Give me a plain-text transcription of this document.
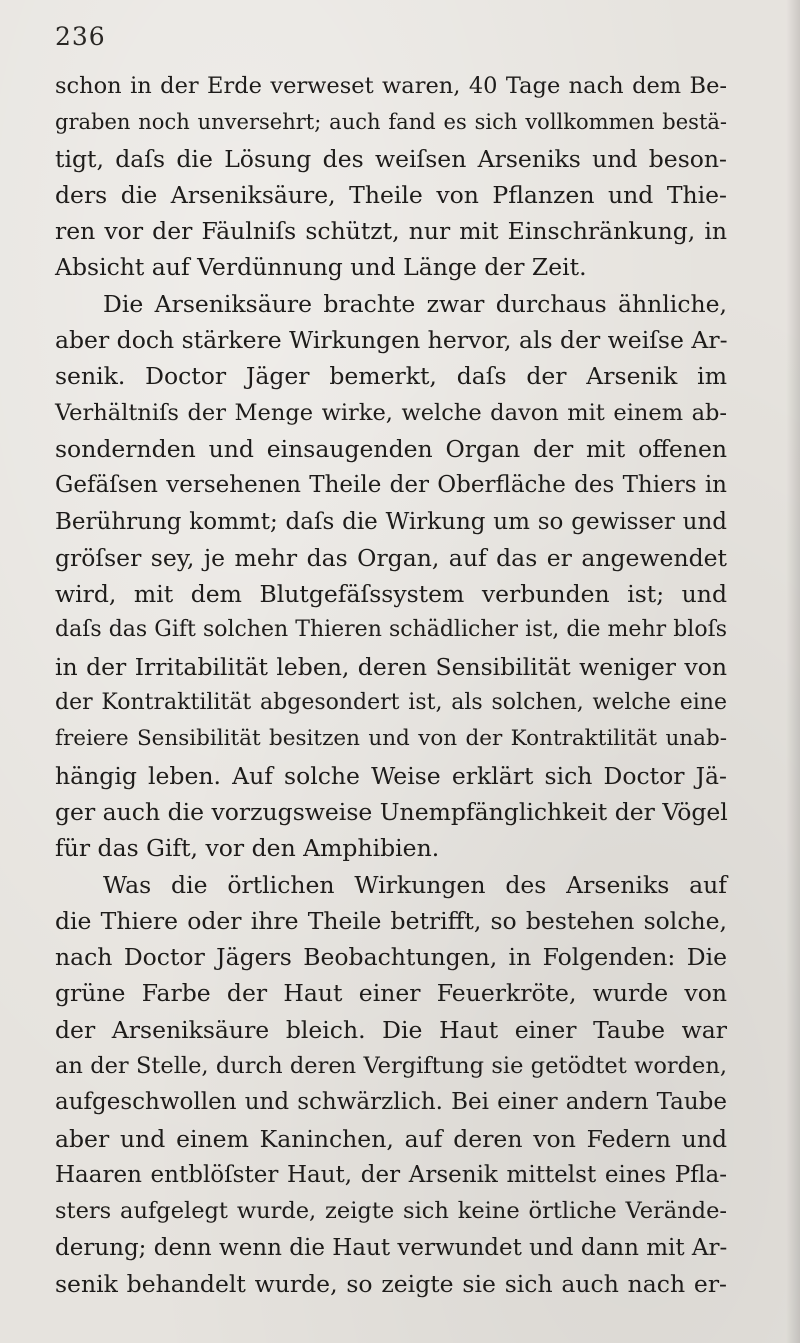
236
schon in der Erde verweset waren, 40 Tage nach dem Be-
graben noch unversehrt; auch fand es sich vollkommen bestä-
tigt, daſs die Lösung des weiſsen Arseniks und beson-
ders die Arseniksäure, Theile von Pflanzen und Thie-
ren vor der Fäulniſs schützt, nur mit Einschränkung, in
Absicht auf Verdünnung und Länge der Zeit.
Die Arseniksäure brachte zwar durchaus ähnliche,
aber doch stärkere Wirkungen hervor, als der weiſse Ar-
senik. Doctor Jäger bemerkt, daſs der Arsenik im
Verhältniſs der Menge wirke, welche davon mit einem ab-
sondernden und einsaugenden Organ der mit offenen
Gefäſsen versehenen Theile der Oberfläche des Thiers in
Berührung kommt; daſs die Wirkung um so gewisser und
gröſser sey, je mehr das Organ, auf das er angewendet
wird, mit dem Blutgefäſssystem verbunden ist; und
daſs das Gift solchen Thieren schädlicher ist, die mehr bloſs
in der Irritabilität leben, deren Sensibilität weniger von
der Kontraktilität abgesondert ist, als solchen, welche eine
freiere Sensibilität besitzen und von der Kontraktilität unab-
hängig leben. Auf solche Weise erklärt sich Doctor Jä-
ger auch die vorzugsweise Unempfänglichkeit der Vögel
für das Gift, vor den Amphibien.
Was die örtlichen Wirkungen des Arseniks auf
die Thiere oder ihre Theile betrifft, so bestehen solche,
nach Doctor Jägers Beobachtungen, in Folgenden: Die
grüne Farbe der Haut einer Feuerkröte, wurde von
der Arseniksäure bleich. Die Haut einer Taube war
an der Stelle, durch deren Vergiftung sie getödtet worden,
aufgeschwollen und schwärzlich. Bei einer andern Taube
aber und einem Kaninchen, auf deren von Federn und
Haaren entblöſster Haut, der Arsenik mittelst eines Pfla-
sters aufgelegt wurde, zeigte sich keine örtliche Verände-
derung; denn wenn die Haut verwundet und dann mit Ar-
senik behandelt wurde, so zeigte sie sich auch nach er-
